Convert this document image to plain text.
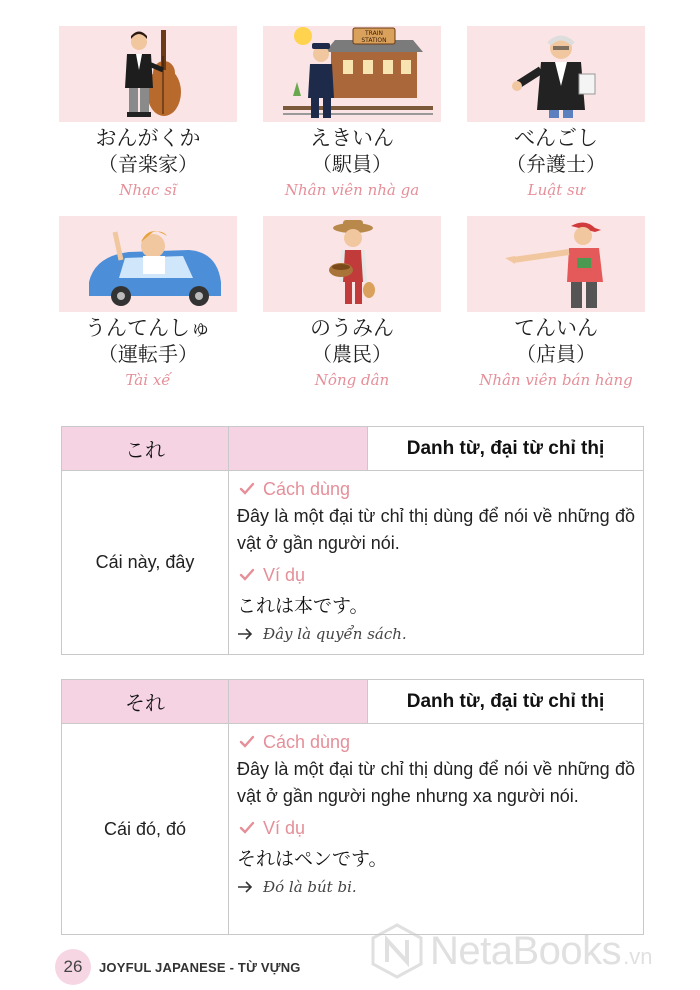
おんがくか
（音楽家）
Nhạc sĩ
TRAIN
STATION
えきいん
（駅員）
Nhân viên nhà ga
べんごし
（弁護士）
Luật sư
うんてんしゅ
（運転手）
Tài xế
のうみん
（農民）
Nông dân
てんいん
（店員）
Nhân viên bán hàng
これ	Danh từ, đại từ chỉ thị
Cái này, đây
Cách dùng
Đây là một đại từ chỉ thị dùng để nói về những đồ vật ở gần người nói.
Ví dụ
これは本です。
Đây là quyển sách.
それ	Danh từ, đại từ chỉ thị
Cái đó, đó
Cách dùng
Đây là một đại từ chỉ thị dùng để nói về những đồ vật ở gần người nghe nhưng xa người nói.
Ví dụ
それはペンです。
Đó là bút bi.
26	JOYFUL JAPANESE - TỪ VỰNG	NetaBooks .vn
